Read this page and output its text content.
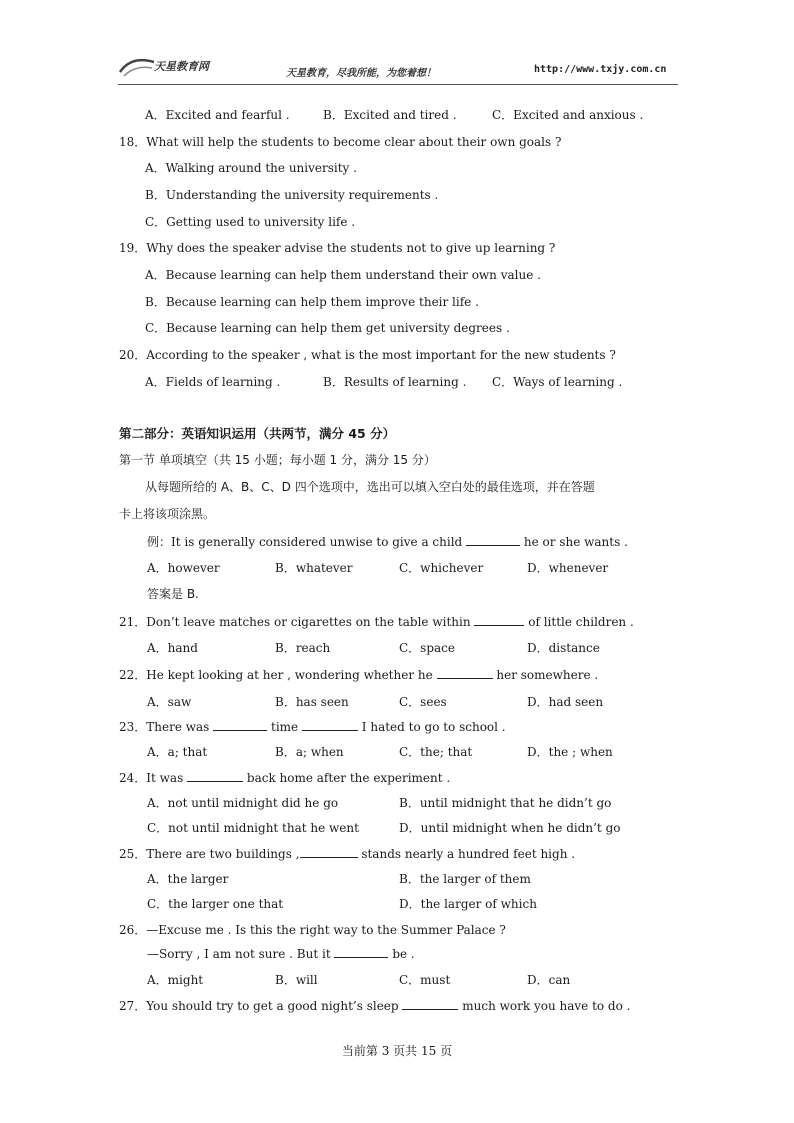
天星教育网
天星教育，尽我所能，为您着想！	http://www.txjy.com.cn
A．Excited and fearful .	B．Excited and tired .	C．Excited and anxious .
18．What will help the students to become clear about their own goals ?
A．Walking around the university .
B．Understanding the university requirements .
C．Getting used to university life .
19．Why does the speaker advise the students not to give up learning ?
A．Because learning can help them understand their own value .
B．Because learning can help them improve their life .
C．Because learning can help them get university degrees .
20．According to the speaker , what is the most important for the new students ?
A．Fields of learning .	B．Results of learning . C．Ways of learning .
第二部分：英语知识运用（共两节，满分 45 分）
第一节 单项填空（共 15 小题；每小题 1 分，满分 15 分）
从每题所给的 A、B、C、D 四个选项中，选出可以填入空白处的最佳选项，并在答题
卡上将该项涂黑。
例：It is generally considered unwise to give a child	he or she wants .
A．however	B．whatever	C．whichever	D．whenever
答案是 B.
21．Don’t leave matches or cigarettes on the table within	of little children .
A．hand	B．reach	C．space	D．distance
22．He kept looking at her , wondering whether he	her somewhere .
A．saw	B．has seen	C．sees	D．had seen
23．There was	time	I hated to go to school .
A．a; that	B．a; when	C．the; that	D．the ; when
24．It was	back home after the experiment .
A．not until midnight did he go	B．until midnight that he didn’t go
C．not until midnight that he went	D．until midnight when he didn’t go
25．There are two buildings ,	stands nearly a hundred feet high .
A．the larger	B．the larger of them
C．the larger one that	D．the larger of which
26．—Excuse me . Is this the right way to the Summer Palace ?
—Sorry , I am not sure . But it	be .
A．might	B．will	C．must	D．can
27．You should try to get a good night’s sleep	much work you have to do .
当前第 3 页共 15 页
